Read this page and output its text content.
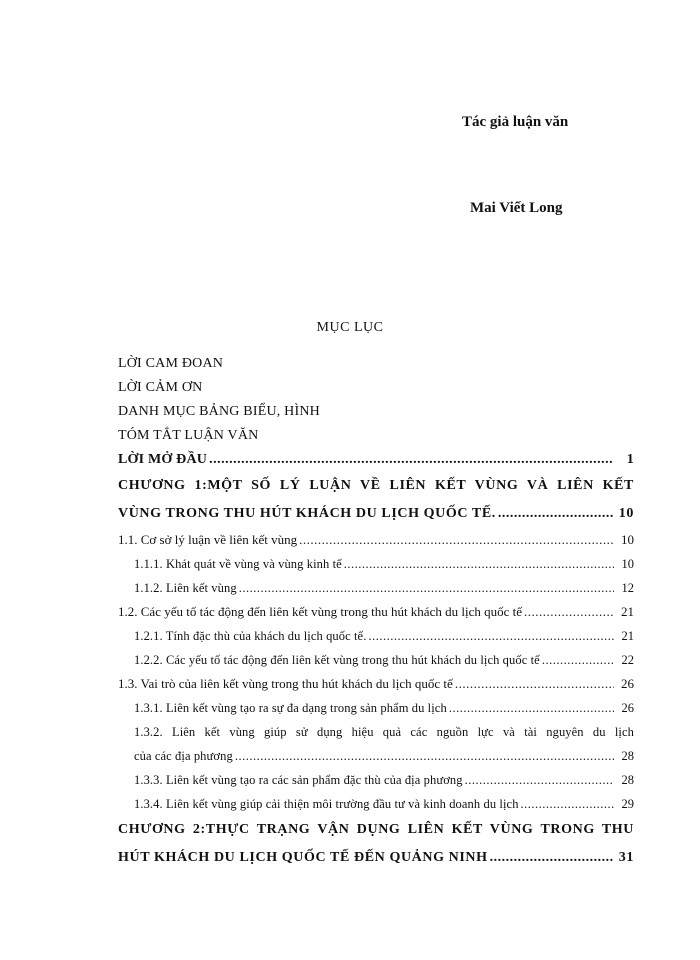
Tác giả luận văn
Mai Viết Long
MỤC LỤC
LỜI CAM ĐOAN
LỜI CẢM ƠN
DANH MỤC BẢNG BIỂU, HÌNH
TÓM TẮT LUẬN VĂN
LỜI MỞ ĐẦU .....	1
CHƯƠNG 1:MỘT SỐ LÝ LUẬN VỀ LIÊN KẾT VÙNG VÀ LIÊN KẾT
VÙNG TRONG THU HÚT KHÁCH DU LỊCH QUỐC TẾ. .....	10
1.1. Cơ sở lý luận về liên kết vùng .....	10
1.1.1. Khát quát về vùng và vùng kinh tế .....	10
1.1.2. Liên kết vùng .....	12
1.2. Các yếu tố tác động đến liên kết vùng trong thu hút khách du lịch quốc tế .....	21
1.2.1. Tính đặc thù của khách du lịch quốc tế. .....	21
1.2.2. Các yếu tố tác động đến liên kết vùng trong thu hút khách du lịch quốc tế .....	22
1.3. Vai trò của liên kết vùng trong thu hút khách du lịch quốc tế .....	26
1.3.1. Liên kết vùng tạo ra sự đa dạng trong sản phẩm du lịch .....	26
1.3.2. Liên kết vùng giúp sử dụng hiệu quả các nguồn lực và tài nguyên du lịch
của các địa phương .....	28
1.3.3. Liên kết vùng tạo ra các sản phẩm đặc thù của địa phương .....	28
1.3.4. Liên kết vùng giúp cải thiện môi trường đầu tư và kinh doanh du lịch .....	29
CHƯƠNG 2:THỰC TRẠNG VẬN DỤNG LIÊN KẾT VÙNG TRONG THU
HÚT KHÁCH DU LỊCH QUỐC TẾ ĐẾN QUẢNG NINH .....	31
